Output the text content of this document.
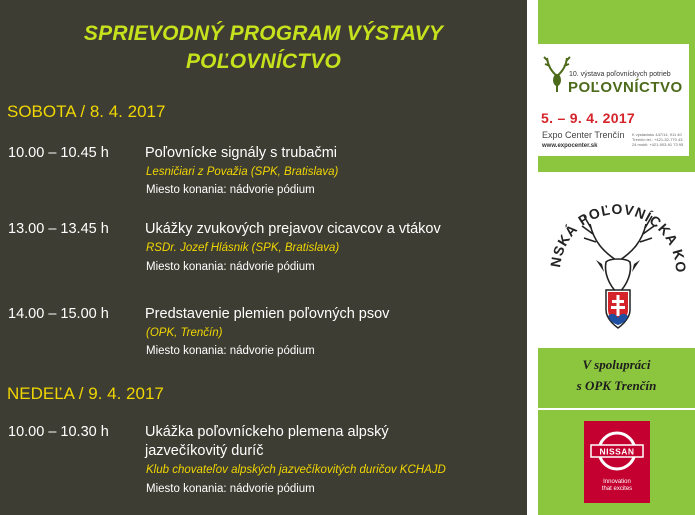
SPRIEVODNÝ PROGRAM VÝSTAVY
POĽOVNÍCTVO
SOBOTA / 8. 4. 2017
10.00 – 10.45 h Poľovnícke signály s trubačmi
Lesničiari z Považia (SPK, Bratislava)
Miesto konania: nádvorie pódium
13.00 – 13.45 h Ukážky zvukových prejavov cicavcov a vtákov
RSDr. Jozef Hlásnik (SPK, Bratislava)
Miesto konania: nádvorie pódium
14.00 – 15.00 h Predstavenie plemien poľovných psov
(OPK, Trenčín)
Miesto konania: nádvorie pódium
NEDEĽA / 9. 4. 2017
10.00 – 10.30 h Ukážka poľovníckeho plemena alpský
jazvečíkovitý duríč
Klub chovateľov alpských jazvečíkovitých duričov KCHAJD
Miesto konania: nádvorie pódium
10. výstava poľovníckych potrieb
POĽOVNÍCTVO
5. – 9. 4. 2017
Expo Center Trenčín
www.expocenter.sk
K výstavisku 447/14, 911 40 Trenčín tel.: +421-32-770 43 24 mobil: +421-903-91 73 95
NSKÁ POĽOVNÍCKA KO
V spolupráci
s OPK Trenčín
NISSAN
Innovation
that excites
